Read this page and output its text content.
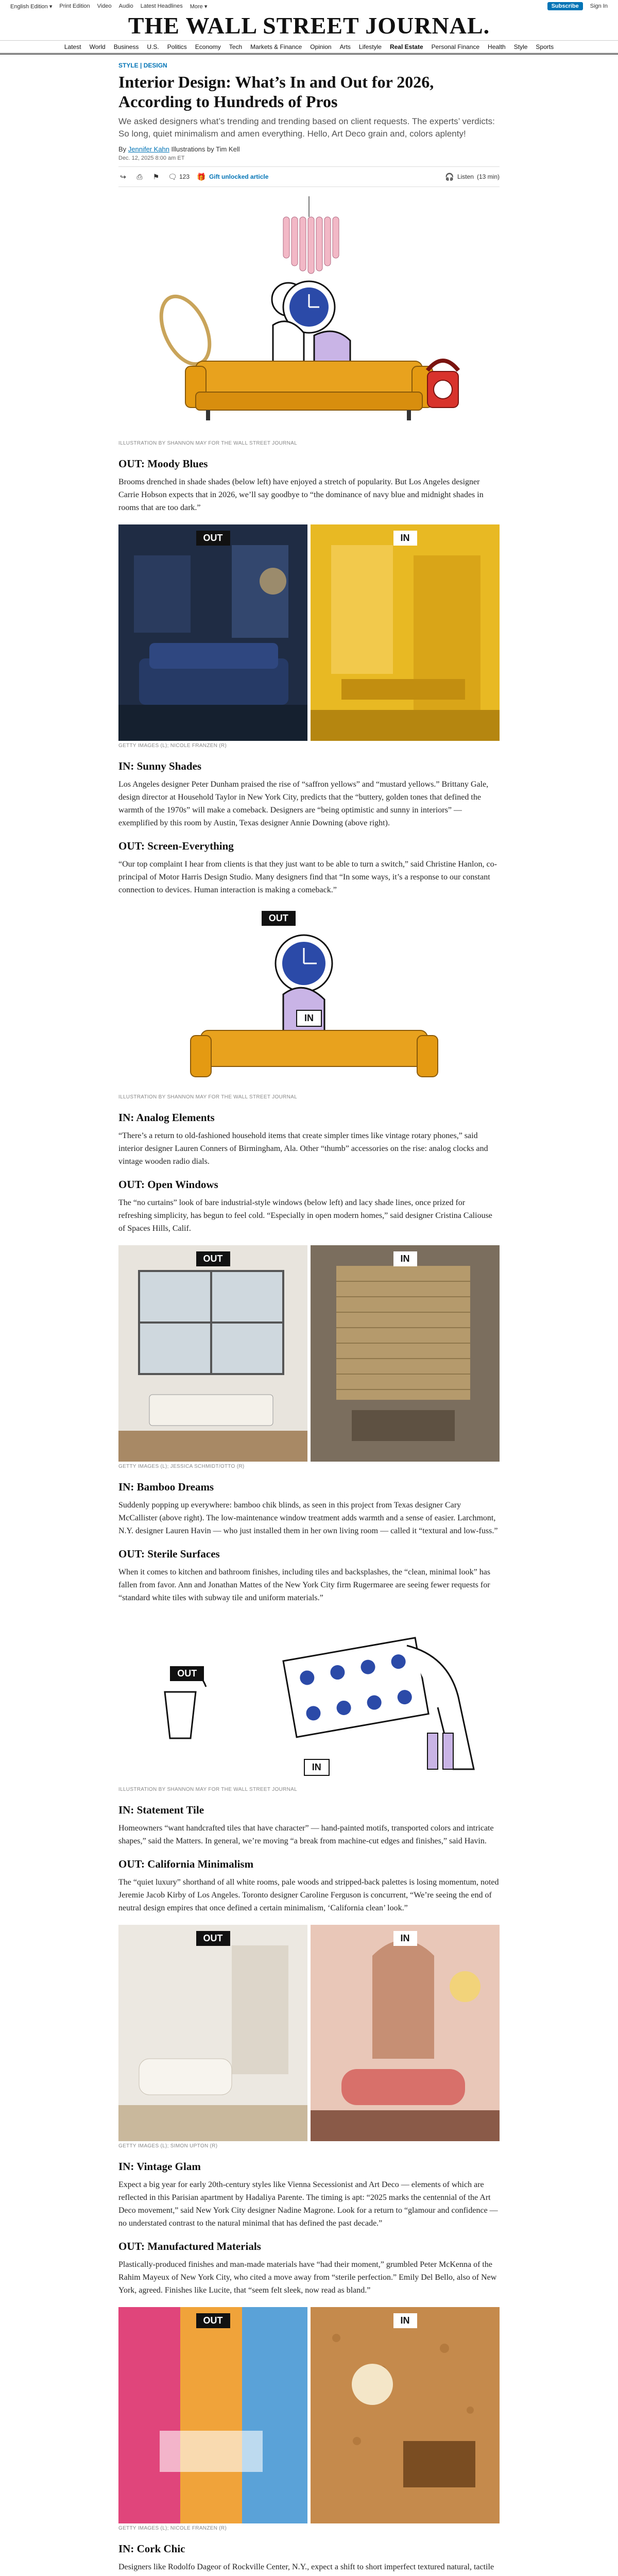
English Edition ▾ Print Edition Video Audio Latest Headlines More ▾	Subscribe	Sign In
THE WALL STREET JOURNAL.
Latest World Business U.S. Politics Economy Tech Markets & Finance Opinion Arts Lifestyle Real Estate Personal Finance Health Style Sports
STYLE | DESIGN
Interior Design: What’s In and Out for 2026, According to Hundreds of Pros
We asked designers what’s trending and trending based on client requests. The experts’ verdicts: So long, quiet minimalism and amen everything. Hello, Art Deco grain and, colors aplenty!
By Jennifer Kahn Illustrations by Tim Kell
Dec. 12, 2025 8:00 am ET
↪ ⎙ ⚑ 🗨 123 🎁 Gift unlocked article	🎧 Listen (13 min)
ILLUSTRATION BY SHANNON MAY FOR THE WALL STREET JOURNAL
OUT: Moody Blues

Brooms drenched in shade shades (below left) have enjoyed a stretch of popularity. But Los Angeles designer Carrie Hobson expects that in 2026, we’ll say goodbye to “the dominance of navy blue and midnight shades in rooms that are too dark.”

OUT	IN
GETTY IMAGES (L); NICOLE FRANZEN (R)
IN: Sunny Shades

Los Angeles designer Peter Dunham praised the rise of “saffron yellows” and “mustard yellows.” Brittany Gale, design director at Household Taylor in New York City, predicts that the “buttery, golden tones that defined the warmth of the 1970s” will make a comeback. Designers are “being optimistic and sunny in interiors” — exemplified by this room by Austin, Texas designer Annie Downing (above right).

OUT: Screen-Everything

“Our top complaint I hear from clients is that they just want to be able to turn a switch,” said Christine Hanlon, co-principal of Motor Harris Design Studio. Many designers find that “In some ways, it’s a response to our constant connection to devices. Human interaction is making a comeback.”

OUT
IN
ILLUSTRATION BY SHANNON MAY FOR THE WALL STREET JOURNAL
IN: Analog Elements

“There’s a return to old-fashioned household items that create simpler times like vintage rotary phones,” said interior designer Lauren Conners of Birmingham, Ala. Other “thumb” accessories on the rise: analog clocks and vintage wooden radio dials.

OUT: Open Windows

The “no curtains” look of bare industrial-style windows (below left) and lacy shade lines, once prized for refreshing simplicity, has begun to feel cold. “Especially in open modern homes,” said designer Cristina Caliouse of Spaces Hills, Calif.

OUT	IN
GETTY IMAGES (L); JESSICA SCHMIDT/OTTO (R)
IN: Bamboo Dreams

Suddenly popping up everywhere: bamboo chik blinds, as seen in this project from Texas designer Cary McCallister (above right). The low-maintenance window treatment adds warmth and a sense of easier. Larchmont, N.Y. designer Lauren Havin — who just installed them in her own living room — called it “textural and low-fuss.”

OUT: Sterile Surfaces

When it comes to kitchen and bathroom finishes, including tiles and backsplashes, the “clean, minimal look” has fallen from favor. Ann and Jonathan Mattes of the New York City firm Rugermaree are seeing fewer requests for “standard white tiles with subway tile and uniform materials.”

OUT
IN
ILLUSTRATION BY SHANNON MAY FOR THE WALL STREET JOURNAL
IN: Statement Tile

Homeowners “want handcrafted tiles that have character” — hand-painted motifs, transported colors and intricate shapes,” said the Matters. In general, we’re moving “a break from machine-cut edges and finishes,” said Havin.

OUT: California Minimalism

The “quiet luxury” shorthand of all white rooms, pale woods and stripped-back palettes is losing momentum, noted Jeremie Jacob Kirby of Los Angeles. Toronto designer Caroline Ferguson is concurrent, “We’re seeing the end of neutral design empires that once defined a certain minimalism, ‘California clean’ look.”

OUT	IN
GETTY IMAGES (L); SIMON UPTON (R)
IN: Vintage Glam

Expect a big year for early 20th-century styles like Vienna Secessionist and Art Deco — elements of which are reflected in this Parisian apartment by Hadaliya Parente. The timing is apt: “2025 marks the centennial of the Art Deco movement,” said New York City designer Nadine Magrone. Look for a return to “glamour and confidence — no understated contrast to the natural minimal that has defined the past decade.”

OUT: Manufactured Materials

Plastically-produced finishes and man-made materials have “had their moment,” grumbled Peter McKenna of the Rahim Mayeux of New York City, who cited a move away from “sterile perfection.” Emily Del Bello, also of New York, agreed. Finishes like Lucite, that “seem felt sleek, now read as bland.”

OUT	IN
GETTY IMAGES (L); NICOLE FRANZEN (R)
IN: Cork Chic

Designers like Rodolfo Dageor of Rockville Center, N.Y., expect a shift to short imperfect textured natural, tactile
